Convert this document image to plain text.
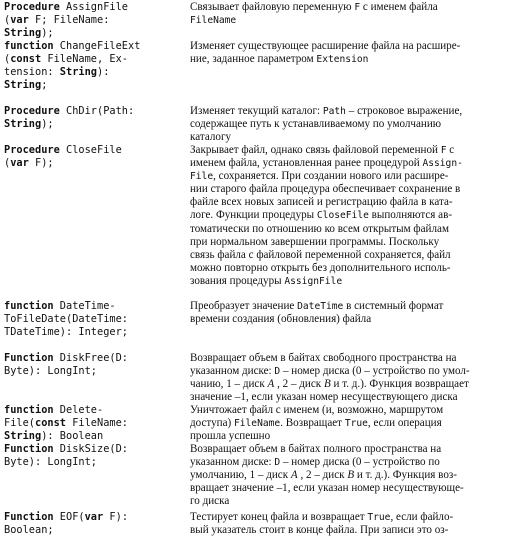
Procedure AssignFile
(var F; FileName:
String);
Связывает файловую переменную F с именем файла
FileName
function ChangeFileExt
(const FileName, Ex-
tension: String):
String;
Изменяет существующее расширение файла на расширe-
ние, заданное параметром Extension
Procedure ChDir(Path:
String);
Изменяет текущий каталог: Path – строковое выражение,
содержащее путь к устанавливаемому по умолчанию
каталогу
Procedure CloseFile
(var F);
Закрывает файл, однако связь файловой переменной F с
именем файла, установленная ранее процедурой Assign-
File, сохраняется. При создании нового или расшире-
нии старого файла процедура обеспечивает сохранение в
файле всех новых записей и регистрацию файла в ката-
логе. Функции процедуры CloseFile выполняются ав-
томатически по отношению ко всем открытым файлам
при нормальном завершении программы. Поскольку
связь файла с файловой переменной сохраняется, файл
можно повторно открыть без дополнительного исполь-
зования процедуры AssignFile
function DateTime-
ToFileDate(DateTime:
TDateTime): Integer;
Преобразует значение DateTime в системный формат
времени создания (обновления) файла
Function DiskFree(D:
Byte): LongInt;
Возвращает объем в байтах свободного пространства на
указанном диске: D – номер диска (0 – устройство по умол-
чанию, 1 – диск A , 2 – диск B и т. д.). Функция возвращает
значение –1, если указан номер несуществующего диска
function Delete-
File(const FileName:
String): Boolean
Уничтожает файл с именем (и, возможно, маршрутом
доступа) FileName. Возвращает True, если операция
прошла успешно
Function DiskSize(D:
Byte): LongInt;
Возвращает объем в байтах полного пространства на
указанном диске: D – номер диска (0 – устройство по
умолчанию, 1 – диск A , 2 – диск B и т. д.). Функция воз-
вращает значение –1, если указан номер несуществующе-
го диска
Function EOF(var F):
Boolean;
Тестирует конец файла и возвращает True, если файло-
вый указатель стоит в конце файла. При записи это оз-
